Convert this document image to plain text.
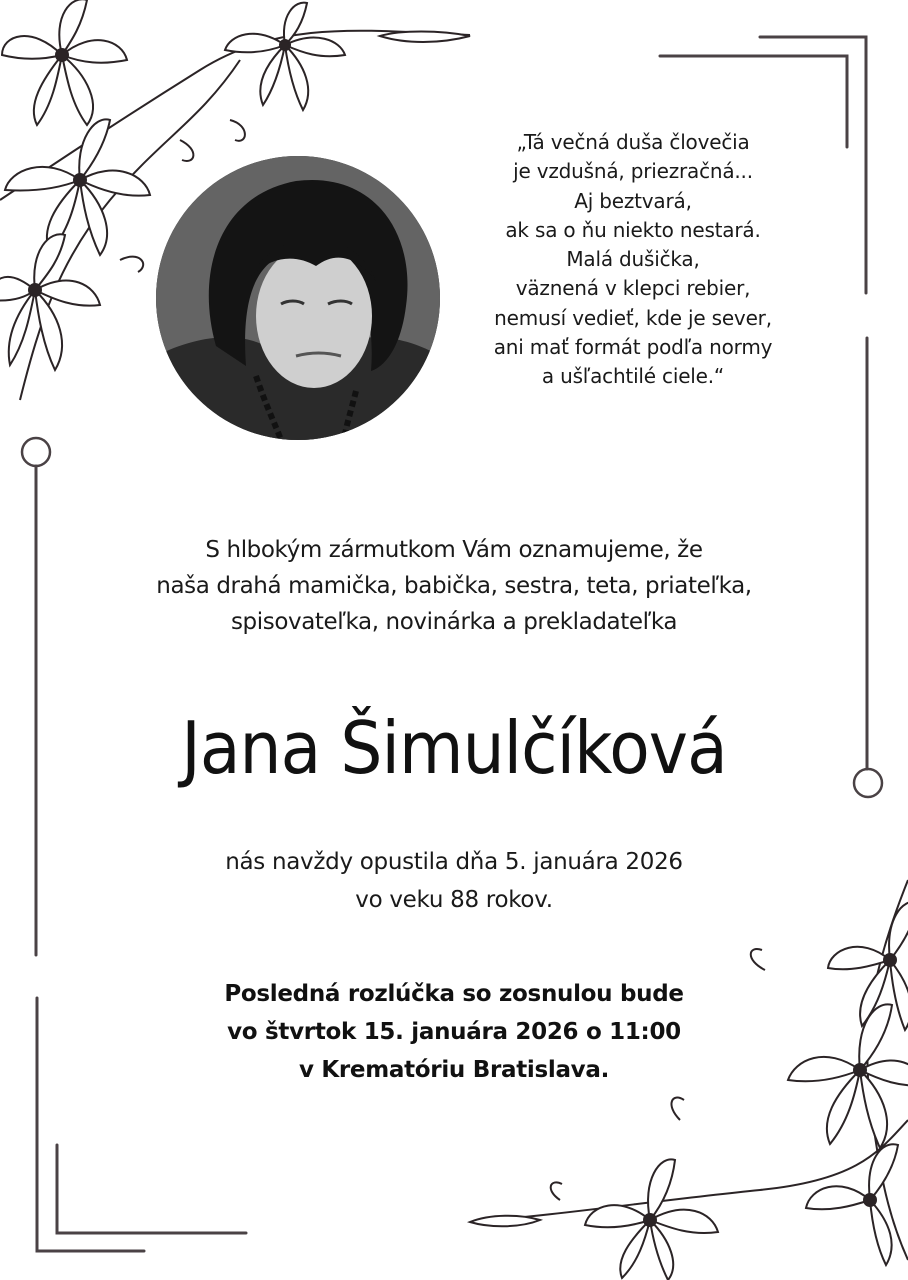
„Tá večná duša človečia
je vzdušná, priezračná...
Aj beztvará,
ak sa o ňu niekto nestará.
Malá dušička,
väznená v klepci rebier,
nemusí vedieť, kde je sever,
ani mať formát podľa normy
a ušľachtilé ciele.“
S hlbokým zármutkom Vám oznamujeme, že
naša drahá mamička, babička, sestra, teta, priateľka,
spisovateľka, novinárka a prekladateľka
Jana Šimulčíková
nás navždy opustila dňa 5. januára 2026
vo veku 88 rokov.
Posledná rozlúčka so zosnulou bude
vo štvrtok 15. januára 2026 o 11:00
v Krematóriu Bratislava.
